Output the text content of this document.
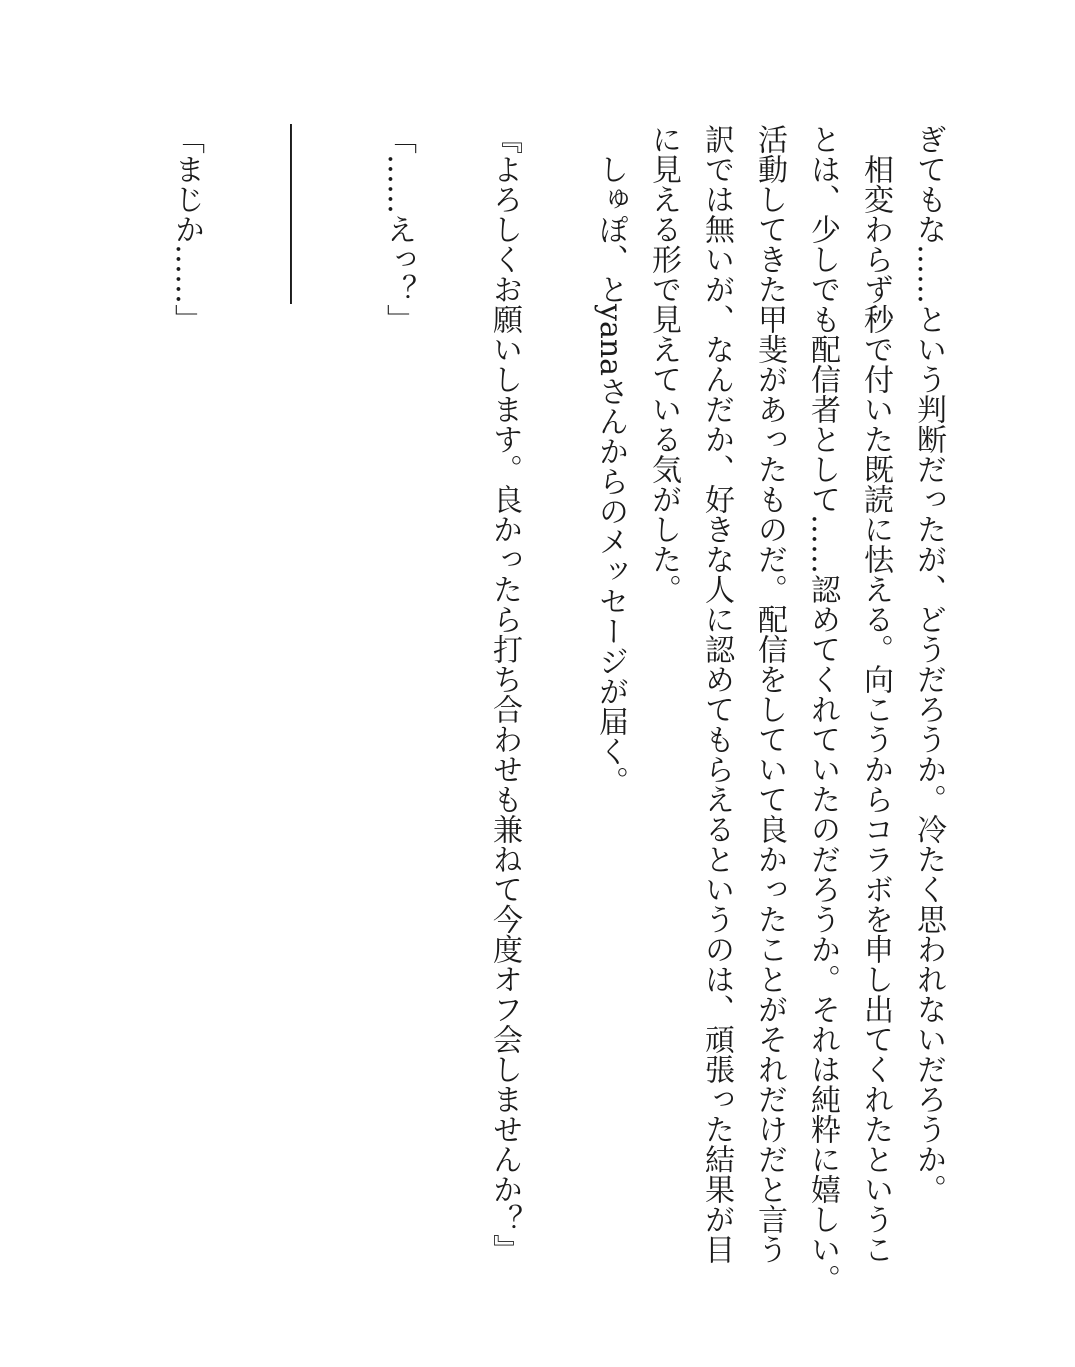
ぎてもな……という判断だったが、どうだろうか。冷たく思われないだろうか。
　相変わらず秒で付いた既読に怯える。向こうからコラボを申し出てくれたというこ
とは、少しでも配信者として……認めてくれていたのだろうか。それは純粋に嬉しい。
活動してきた甲斐があったものだ。配信をしていて良かったことがそれだけだと言う
訳では無いが、なんだか、好きな人に認めてもらえるというのは、頑張った結果が目
に見える形で見えている気がした。
　しゅぽ、とyanaさんからのメッセージが届く。
『よろしくお願いします。良かったら打ち合わせも兼ねて今度オフ会しませんか？』
「……えっ？」
――――――
「まじか……」
